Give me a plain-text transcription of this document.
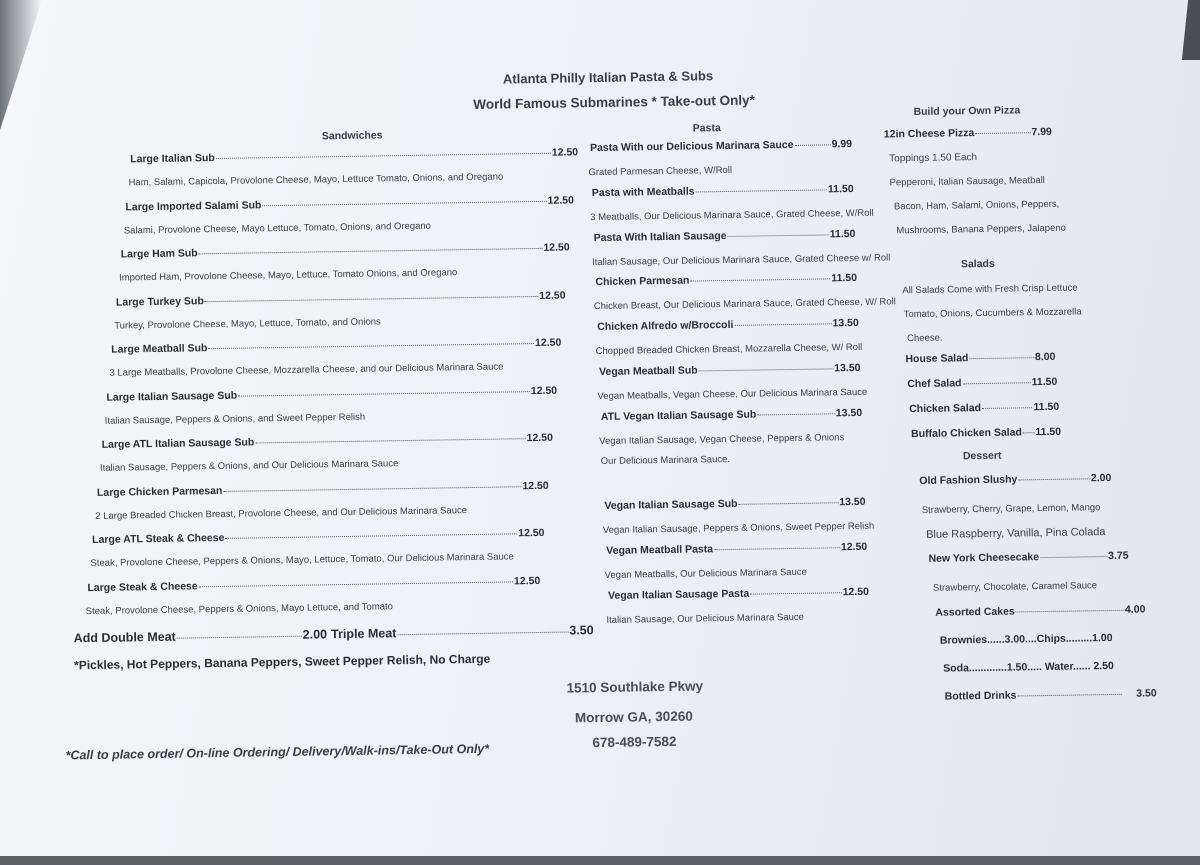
Atlanta Philly Italian Pasta & Subs
World Famous Submarines * Take-out Only*
Sandwiches
Pasta
Build your Own Pizza
Large Italian Sub	12.50
Ham, Salami, Capicola, Provolone Cheese, Mayo, Lettuce Tomato, Onions, and Oregano
Large Imported Salami Sub	12.50
Salami, Provolone Cheese, Mayo Lettuce, Tomato, Onions, and Oregano
Large Ham Sub	12.50
Imported Ham, Provolone Cheese, Mayo, Lettuce, Tomato Onions, and Oregano
Large Turkey Sub	12.50
Turkey, Provolone Cheese, Mayo, Lettuce, Tomato, and Onions
Large Meatball Sub	12.50
3 Large Meatballs, Provolone Cheese, Mozzarella Cheese, and our Delicious Marinara Sauce
Large Italian Sausage Sub	12.50
Italian Sausage, Peppers & Onions, and Sweet Pepper Relish
Large ATL Italian Sausage Sub	12.50
Italian Sausage, Peppers & Onions, and Our Delicious Marinara Sauce
Large Chicken Parmesan	12.50
2 Large Breaded Chicken Breast, Provolone Cheese, and Our Delicious Marinara Sauce
Large ATL Steak & Cheese	12.50
Steak, Provolone Cheese, Peppers & Onions, Mayo, Lettuce, Tomato, Our Delicious Marinara Sauce
Large Steak & Cheese	12.50
Steak, Provolone Cheese, Peppers & Onions, Mayo Lettuce, and Tomato
Pasta With our Delicious Marinara Sauce	9.99
Grated Parmesan Cheese, W/Roll
Pasta with Meatballs	11.50
3 Meatballs, Our Delicious Marinara Sauce, Grated Cheese, W/Roll
Pasta With Italian Sausage	11.50
Italian Sausage, Our Delicious Marinara Sauce, Grated Cheese w/ Roll
Chicken Parmesan	11.50
Chicken Breast, Our Delicious Marinara Sauce, Grated Cheese, W/ Roll
Chicken Alfredo w/Broccoli	13.50
Chopped Breaded Chicken Breast, Mozzarella Cheese, W/ Roll
Vegan Meatball Sub	13.50
Vegan Meatballs, Vegan Cheese, Our Delicious Marinara Sauce
ATL Vegan Italian Sausage Sub	13.50
Vegan Italian Sausage, Vegan Cheese, Peppers & Onions
Our Delicious Marinara Sauce.
Vegan Italian Sausage Sub	13.50
Vegan Italian Sausage, Peppers & Onions, Sweet Pepper Relish
Vegan Meatball Pasta	12.50
Vegan Meatballs, Our Delicious Marinara Sauce
Vegan Italian Sausage Pasta	12.50
Italian Sausage, Our Delicious Marinara Sauce
Add Double Meat	2.00 Triple Meat	3.50
*Pickles, Hot Peppers, Banana Peppers, Sweet Pepper Relish, No Charge
12in Cheese Pizza	7.99
Toppings 1.50 Each
Pepperoni, Italian Sausage, Meatball
Bacon, Ham, Salami, Onions, Peppers,
Mushrooms, Banana Peppers, Jalapeno
Salads
All Salads Come with Fresh Crisp Lettuce
Tomato, Onions, Cucumbers & Mozzarella
Cheese.
House Salad	8.00
Chef Salad	11.50
Chicken Salad	11.50
Buffalo Chicken Salad 11.50
Dessert
Old Fashion Slushy	2.00
Strawberry, Cherry, Grape, Lemon, Mango
Blue Raspberry, Vanilla, Pina Colada
New York Cheesecake	3.75
Strawberry, Chocolate, Caramel Sauce
Assorted Cakes	4.00
Brownies......3.00....Chips.........1.00
Soda.............1.50..... Water...... 2.50
Bottled Drinks	3.50
1510 Southlake Pkwy
Morrow GA, 30260
678-489-7582
*Call to place order/ On-line Ordering/ Delivery/Walk-ins/Take-Out Only*
